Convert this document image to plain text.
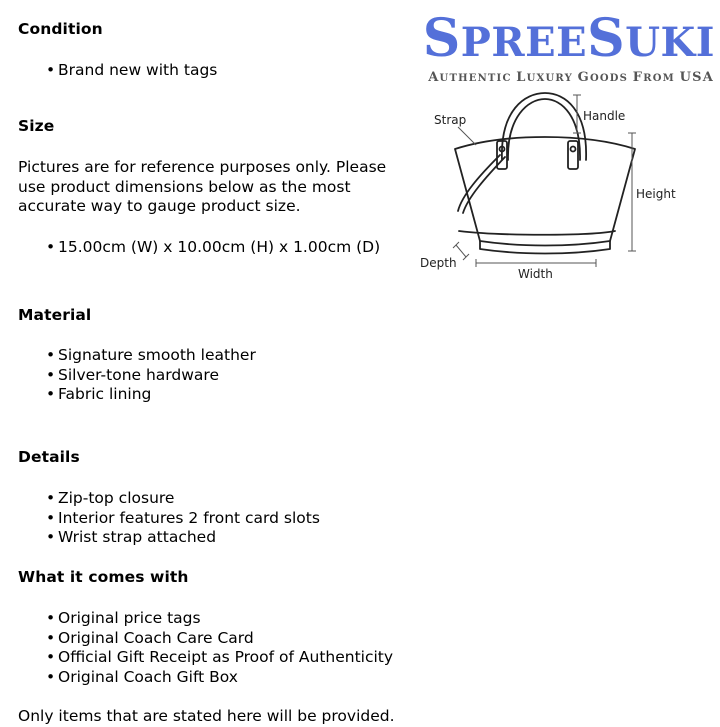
Condition
• Brand new with tags
Size
Pictures are for reference purposes only. Please use product dimensions below as the most accurate way to gauge product size.
• 15.00cm (W) x 10.00cm (H) x 1.00cm (D)
Material
• Signature smooth leather
• Silver-tone hardware
• Fabric lining
Details
• Zip-top closure
• Interior features 2 front card slots
• Wrist strap attached
What it comes with
• Original price tags
• Original Coach Care Card
• Official Gift Receipt as Proof of Authenticity
• Original Coach Gift Box
Only items that are stated here will be provided.
SPREESUKI
AUTHENTIC LUXURY GOODS FROM USA
Strap	Handle
Height
Depth
Width
